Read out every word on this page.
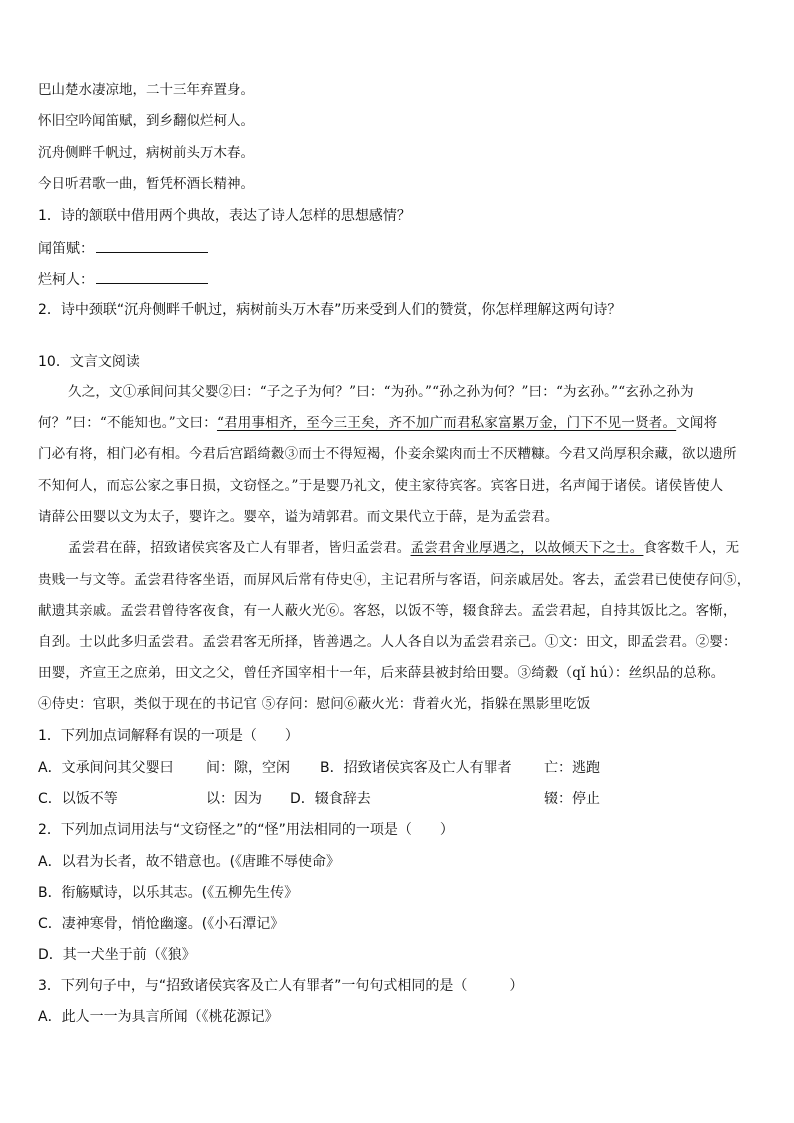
巴山楚水凄凉地，二十三年弃置身。
怀旧空吟闻笛赋，到乡翻似烂柯人。
沉舟侧畔千帆过，病树前头万木春。
今日听君歌一曲，暂凭杯酒长精神。
1．诗的颔联中借用两个典故，表达了诗人怎样的思想感情？
闻笛赋：
烂柯人：
2．诗中颈联“沉舟侧畔千帆过，病树前头万木春”历来受到人们的赞赏，你怎样理解这两句诗？
10．文言文阅读
久之，文①承间问其父婴②曰：“子之子为何？”曰：“为孙。”“孙之孙为何？”曰：“为玄孙。”“玄孙之孙为
何？”曰：“不能知也。”文曰：“君用事相齐，至今三王矣，齐不加广而君私家富累万金，门下不见一贤者。文闻将
门必有将，相门必有相。今君后宫蹈绮縠③而士不得短褐，仆妾余粱肉而士不厌糟糠。今君又尚厚积余藏，欲以遗所
不知何人，而忘公家之事日损，文窃怪之。”于是婴乃礼文，使主家待宾客。宾客日进，名声闻于诸侯。诸侯皆使人
请薛公田婴以文为太子，婴许之。婴卒，谥为靖郭君。而文果代立于薛，是为孟尝君。
孟尝君在薛，招致诸侯宾客及亡人有罪者，皆归孟尝君。孟尝君舍业厚遇之，以故倾天下之士。食客数千人，无
贵贱一与文等。孟尝君待客坐语，而屏风后常有侍史④，主记君所与客语，问亲戚居处。客去，孟尝君已使使存问⑤，
献遗其亲戚。孟尝君曾待客夜食，有一人蔽火光⑥。客怒，以饭不等，辍食辞去。孟尝君起，自持其饭比之。客惭，
自刭。士以此多归孟尝君。孟尝君客无所择，皆善遇之。人人各自以为孟尝君亲己。①文：田文，即孟尝君。②婴：
田婴，齐宣王之庶弟，田文之父，曾任齐国宰相十一年，后来薛县被封给田婴。③绮縠（qǐ hú）：丝织品的总称。
④侍史：官职，类似于现在的书记官 ⑤存问：慰问⑥蔽火光：背着火光，指躲在黑影里吃饭
1．下列加点词解释有误的一项是（　　）
A．文承间问其父婴曰 间：隙，空闲 B．招致诸侯宾客及亡人有罪者 亡：逃跑
C．以饭不等	以：因为 D．辍食辞去	辍：停止
2．下列加点词用法与“文窃怪之”的“怪”用法相同的一项是（　　）
A．以君为长者，故不错意也。(《唐雎不辱使命》
B．衔觞赋诗，以乐其志。(《五柳先生传》
C．凄神寒骨，悄怆幽邃。(《小石潭记》
D．其一犬坐于前（《狼》
3．下列句子中，与“招致诸侯宾客及亡人有罪者”一句句式相同的是（　　　）
A．此人一一为具言所闻（《桃花源记》
